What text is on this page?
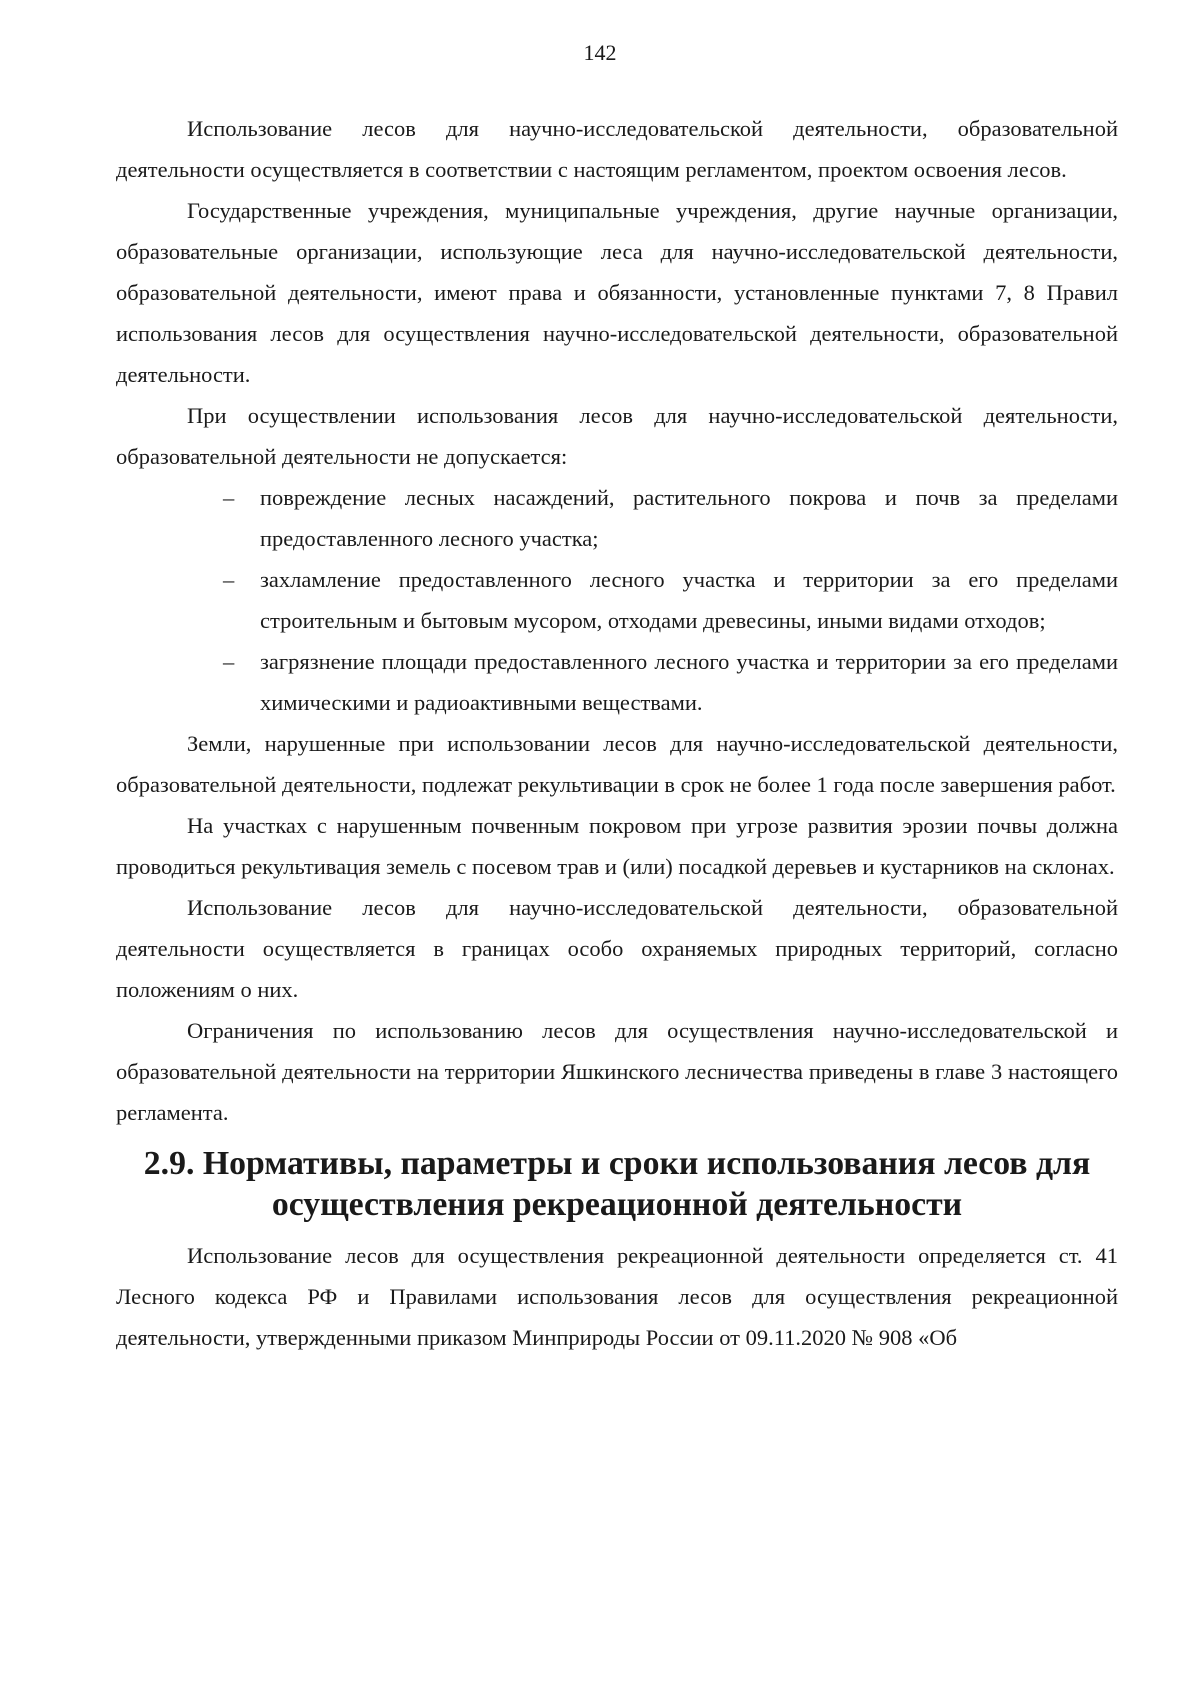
142

Использование лесов для научно-исследовательской деятельности, образовательной деятельности осуществляется в соответствии с настоящим регламентом, проектом освоения лесов.

Государственные учреждения, муниципальные учреждения, другие научные организации, образовательные организации, использующие леса для научно-исследовательской деятельности, образовательной деятельности, имеют права и обязанности, установленные пунктами 7, 8 Правил использования лесов для осуществления научно-исследовательской деятельности, образовательной деятельности.

При осуществлении использования лесов для научно-исследовательской деятельности, образовательной деятельности не допускается:

– повреждение лесных насаждений, растительного покрова и почв за пределами предоставленного лесного участка;
– захламление предоставленного лесного участка и территории за его пределами строительным и бытовым мусором, отходами древесины, иными видами отходов;
– загрязнение площади предоставленного лесного участка и территории за его пределами химическими и радиоактивными веществами.

Земли, нарушенные при использовании лесов для научно-исследовательской деятельности, образовательной деятельности, подлежат рекультивации в срок не более 1 года после завершения работ.

На участках с нарушенным почвенным покровом при угрозе развития эрозии почвы должна проводиться рекультивация земель с посевом трав и (или) посадкой деревьев и кустарников на склонах.

Использование лесов для научно-исследовательской деятельности, образовательной деятельности осуществляется в границах особо охраняемых природных территорий, согласно положениям о них.

Ограничения по использованию лесов для осуществления научно-исследовательской и образовательной деятельности на территории Яшкинского лесничества приведены в главе 3 настоящего регламента.

2.9. Нормативы, параметры и сроки использования лесов для осуществления рекреационной деятельности

Использование лесов для осуществления рекреационной деятельности определяется ст. 41 Лесного кодекса РФ и Правилами использования лесов для осуществления рекреационной деятельности, утвержденными приказом Минприроды России от 09.11.2020 № 908 «Об
